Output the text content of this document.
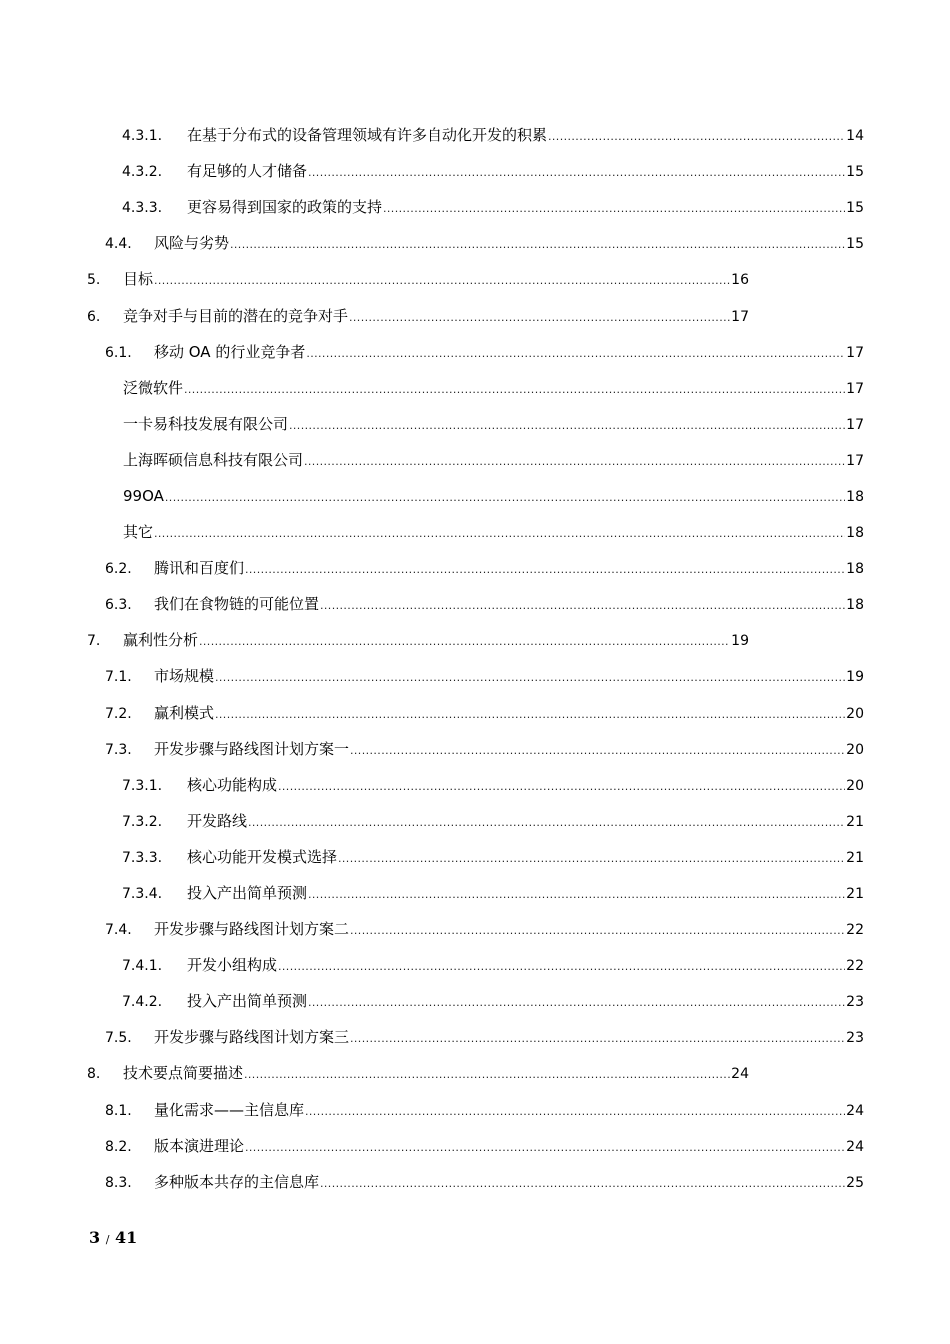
4.3.1. 在基于分布式的设备管理领域有许多自动化开发的积累 .....	14
4.3.2. 有足够的人才储备 .....	15
4.3.3. 更容易得到国家的政策的支持 .....	15
4.4. 风险与劣势 .....	15
5. 目标 .....	16
6. 竞争对手与目前的潜在的竞争对手 .....	17
6.1. 移动 OA 的行业竞争者 .....	17
泛微软件 .....	17
一卡易科技发展有限公司 .....	17
上海晖硕信息科技有限公司 .....	17
99OA .....	18
其它 .....	18
6.2. 腾讯和百度们 .....	18
6.3. 我们在食物链的可能位置 .....	18
7. 赢利性分析 .....	19
7.1. 市场规模 .....	19
7.2. 赢利模式 .....	20
7.3. 开发步骤与路线图计划方案一 .....	20
7.3.1. 核心功能构成 .....	20
7.3.2. 开发路线 .....	21
7.3.3. 核心功能开发模式选择 .....	21
7.3.4. 投入产出简单预测 .....	21
7.4. 开发步骤与路线图计划方案二 .....	22
7.4.1. 开发小组构成 .....	22
7.4.2. 投入产出简单预测 .....	23
7.5. 开发步骤与路线图计划方案三 .....	23
8. 技术要点简要描述 .....	24
8.1. 量化需求——主信息库 .....	24
8.2. 版本演进理论 .....	24
8.3. 多种版本共存的主信息库 .....	25
3 / 41
